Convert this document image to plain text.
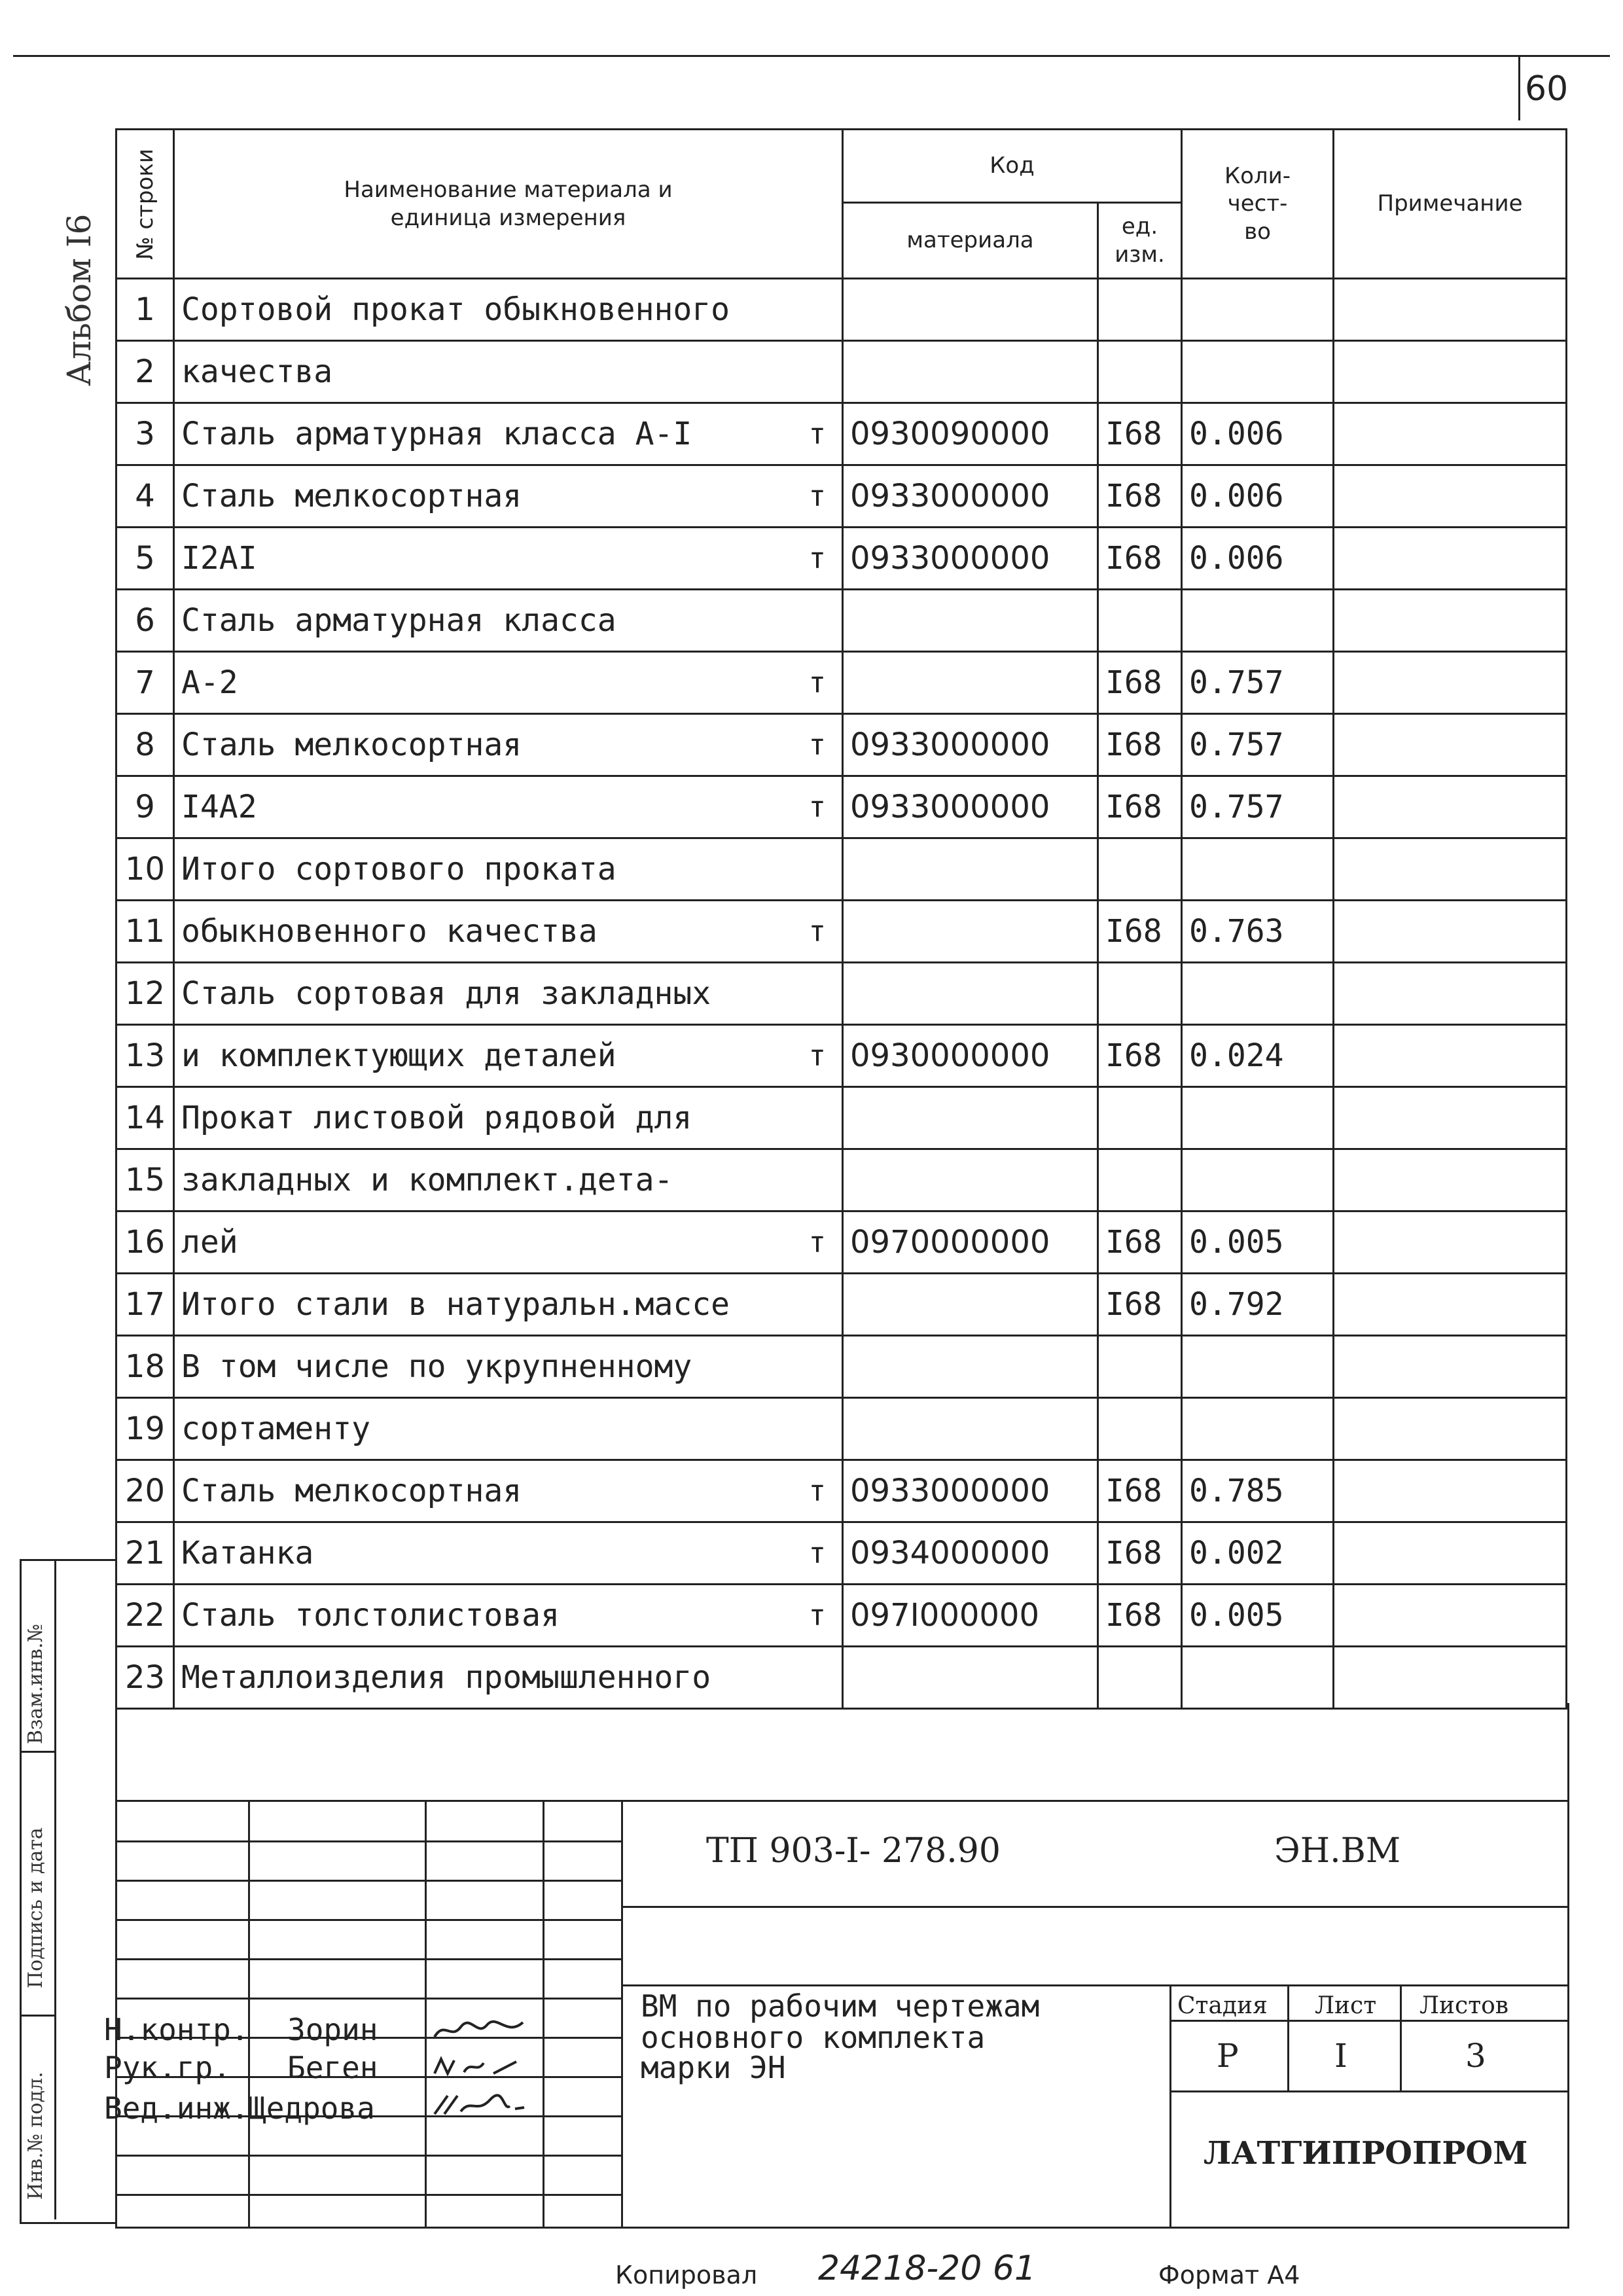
60
Альбом I6
№ строки	Наименование материала и единица измерения	Код		Коли-чест-во	Примечание
		материала	ед. изм.		

1	Сортовой прокат обыкновенного

2	качества

3	Сталь арматурная класса А-I т	0930090000	I68	0.006	
4	Сталь мелкосортная т	0933000000	I68	0.006	
5	I2AI т	0933000000	I68	0.006	
6	Сталь арматурная класса

7	А-2 т		I68	0.757	
8	Сталь мелкосортная т	0933000000	I68	0.757	
9	I4A2 т	0933000000	I68	0.757	
10	Итого сортового проката

11	обыкновенного качества т		I68	0.763	
12	Сталь сортовая для закладных

13	и комплектующих деталей т	0930000000	I68	0.024	
14	Прокат листовой рядовой для

15	закладных и комплект.дета-

16	лей т	0970000000	I68	0.005	
17	Итого стали в натуральн.массе		I68	0.792	
18	В том числе по укрупненному

19	сортаменту

20	Сталь мелкосортная т	0933000000	I68	0.785	
21	Катанка т	0934000000	I68	0.002	
22	Сталь толстолистовая т	097I000000	I68	0.005	
23	Металлоизделия промышленного

Взам.инв.№
Подпись и дата
Инв.№ подл.
ТП 903-I- 278.90	ЭН.ВМ
ВМ по рабочим чертежам
основного комплекта
марки ЭН
Стадия Лист Листов
Р	I	3
ЛАТГИПРОПРОМ
Н.контр. Зорин
Рук.гр. Беген
Вед.инж.
Щедрова
Копировал 24218-20 61	Формат А4
